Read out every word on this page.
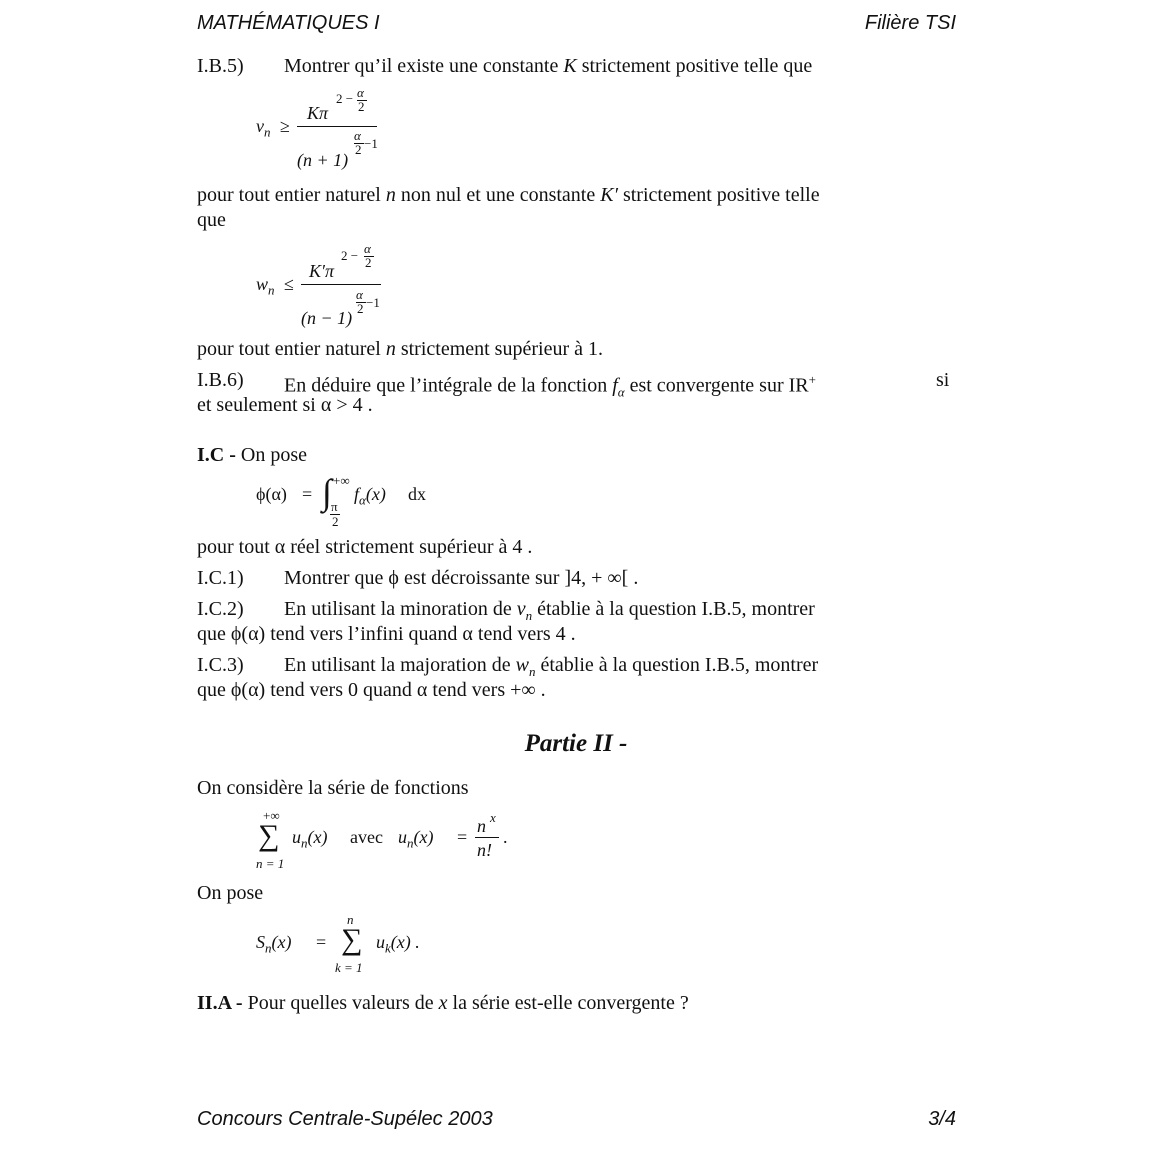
MATHÉMATIQUES I	Filière TSI
I.B.5) Montrer qu’il existe une constante K strictement positive telle que
$v_n$ ≥
Kπ
2 − α
2
(n + 1)
α
2 −1
pour tout entier naturel n non nul et une constante K′ strictement positive telle
que
$w_n$ ≤
K′π
2 − α
2
(n − 1)
α
2 −1
pour tout entier naturel n strictement supérieur à 1.
I.B.6) En déduire que l’intégrale de la fonction $f_\alpha$ est convergente sur IR+	si
et seulement si α > 4 .
I.C - On pose
ϕ(α) = ∫ +∞
π
2
$f_\alpha(x)$ dx
pour tout α réel strictement supérieur à 4 .
I.C.1) Montrer que ϕ est décroissante sur ]4, + ∞[ .
I.C.2) En utilisant la minoration de $v_n$ établie à la question I.B.5, montrer
que ϕ(α) tend vers l’infini quand α tend vers 4 .
I.C.3) En utilisant la majoration de $w_n$ établie à la question I.B.5, montrer
que ϕ(α) tend vers 0 quand α tend vers +∞ .
Partie II -
On considère la série de fonctions
+∞
∑
n = 1
$u_n(x)$ avec $u_n(x)$ =
n x
n!
.
On pose
$S_n(x)$ =
n
∑
k = 1
$u_k(x)$ .
II.A - Pour quelles valeurs de x la série est-elle convergente ?
Concours Centrale-Supélec 2003	3/4
